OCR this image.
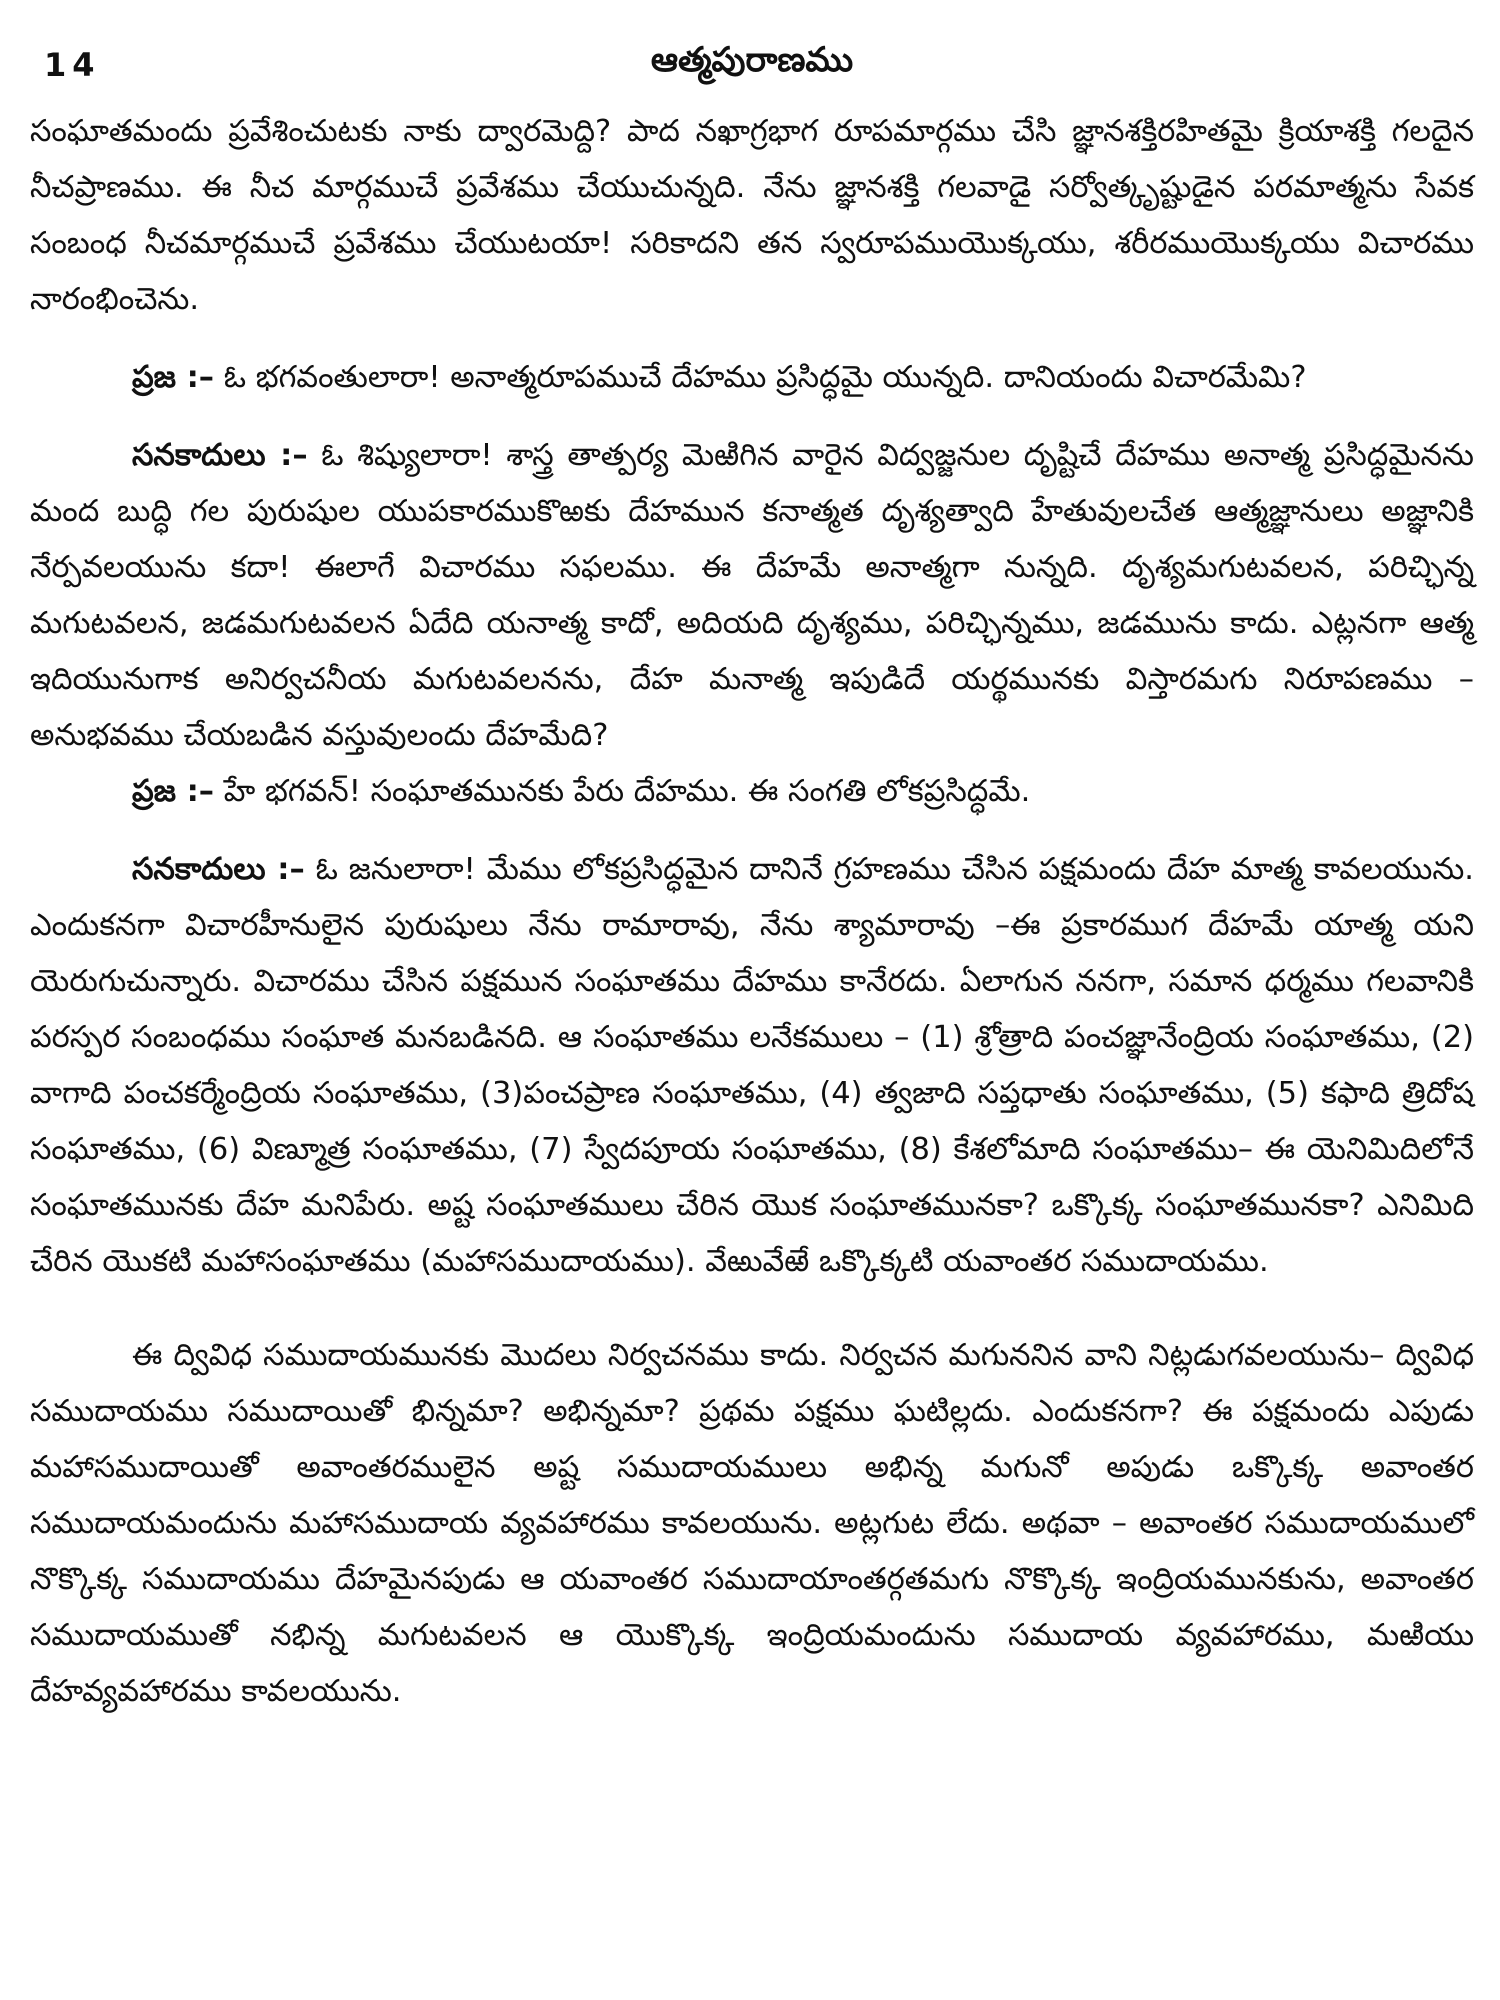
14	ఆత్మపురాణము

సంఘాతమందు ప్రవేశించుటకు నాకు ద్వారమెద్ది? పాద నఖాగ్రభాగ రూపమార్గము చేసి జ్ఞానశక్తిరహితమై క్రియాశక్తి గలదైన నీచప్రాణము. ఈ నీచ మార్గముచే ప్రవేశము చేయుచున్నది. నేను జ్ఞానశక్తి గలవాడై సర్వోత్కృష్టుడైన పరమాత్మను సేవక సంబంధ నీచమార్గముచే ప్రవేశము చేయుటయా! సరికాదని తన స్వరూపముయొక్కయు, శరీరముయొక్కయు విచారము నారంభించెను.

ప్రజ :– ఓ భగవంతులారా! అనాత్మరూపముచే దేహము ప్రసిద్ధమై యున్నది. దానియందు విచారమేమి?

సనకాదులు :– ఓ శిష్యులారా! శాస్త్ర తాత్పర్య మెఱిగిన వారైన విద్వజ్జనుల దృష్టిచే దేహము అనాత్మ ప్రసిద్ధమైనను మంద బుద్ధి గల పురుషుల యుపకారముకొఱకు దేహమున కనాత్మత దృశ్యత్వాది హేతువులచేత ఆత్మజ్ఞానులు అజ్ఞానికి నేర్పవలయును కదా! ఈలాగే విచారము సఫలము. ఈ దేహమే అనాత్మగా నున్నది. దృశ్యమగుటవలన, పరిచ్ఛిన్న మగుటవలన, జడమగుటవలన ఏదేది యనాత్మ కాదో, అదియది దృశ్యము, పరిచ్ఛిన్నము, జడమును కాదు. ఎట్లనగా ఆత్మ ఇదియునుగాక అనిర్వచనీయ మగుటవలనను, దేహ మనాత్మ ఇపుడిదే యర్థమునకు విస్తారమగు నిరూపణము – అనుభవము చేయబడిన వస్తువులందు దేహమేది?

ప్రజ :– హే భగవన్! సంఘాతమునకు పేరు దేహము. ఈ సంగతి లోకప్రసిద్ధమే.

సనకాదులు :– ఓ జనులారా! మేము లోకప్రసిద్ధమైన దానినే గ్రహణము చేసిన పక్షమందు దేహ మాత్మ కావలయును. ఎందుకనగా విచారహీనులైన పురుషులు నేను రామారావు, నేను శ్యామారావు –ఈ ప్రకారముగ దేహమే యాత్మ యని యెరుగుచున్నారు. విచారము చేసిన పక్షమున సంఘాతము దేహము కానేరదు. ఏలాగున ననగా, సమాన ధర్మము గలవానికి పరస్పర సంబంధము సంఘాత మనబడినది. ఆ సంఘాతము లనేకములు – (1) శ్రోత్రాది పంచజ్ఞానేంద్రియ సంఘాతము, (2) వాగాది పంచకర్మేంద్రియ సంఘాతము, (3)పంచప్రాణ సంఘాతము, (4) త్వజాది సప్తధాతు సంఘాతము, (5) కఫాది త్రిదోష సంఘాతము, (6) విణ్మూత్ర సంఘాతము, (7) స్వేదపూయ సంఘాతము, (8) కేశలోమాది సంఘాతము– ఈ యెనిమిదిలోనే సంఘాతమునకు దేహ మనిపేరు. అష్ట సంఘాతములు చేరిన యొక సంఘాతమునకా? ఒక్కొక్క సంఘాతమునకా? ఎనిమిది చేరిన యొకటి మహాసంఘాతము (మహాసముదాయము). వేఱువేఱే ఒక్కొక్కటి యవాంతర సముదాయము.

ఈ ద్వివిధ సముదాయమునకు మొదలు నిర్వచనము కాదు. నిర్వచన మగుననిన వాని నిట్లడుగవలయును– ద్వివిధ సముదాయము సముదాయితో భిన్నమా? అభిన్నమా? ప్రథమ పక్షము ఘటిల్లదు. ఎందుకనగా? ఈ పక్షమందు ఎపుడు మహాసముదాయితో అవాంతరములైన అష్ట సముదాయములు అభిన్న మగునో అపుడు ఒక్కొక్క అవాంతర సముదాయమందును మహాసముదాయ వ్యవహారము కావలయును. అట్లగుట లేదు. అథవా – అవాంతర సముదాయములో నొక్కొక్క సముదాయము దేహమైనపుడు ఆ యవాంతర సముదాయాంతర్గతమగు నొక్కొక్క ఇంద్రియమునకును, అవాంతర సముదాయముతో నభిన్న మగుటవలన ఆ యొక్కొక్క ఇంద్రియమందును సముదాయ వ్యవహారము, మఱియు దేహవ్యవహారము కావలయును.
